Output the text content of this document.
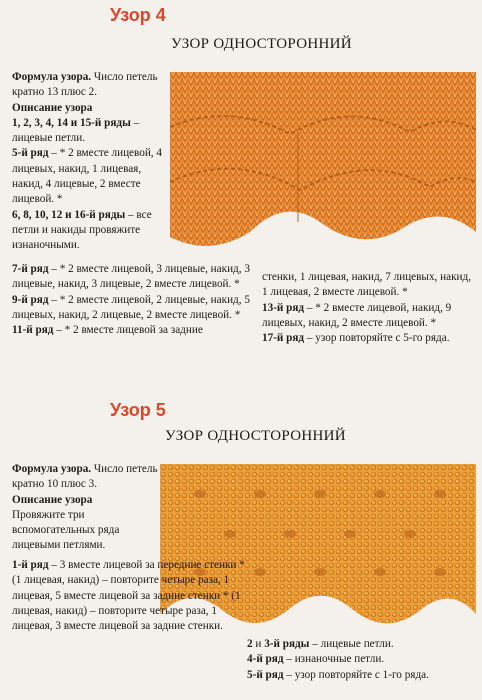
Узор 4
УЗОР ОДНОСТОРОННИЙ

Формула узора. Число петель кратно 13 плюс 2.

Описание узора

1, 2, 3, 4, 14 и 15-й ряды – лицевые петли.

5-й ряд – * 2 вместе лицевой, 4 лицевых, накид, 1 лицевая, накид, 4 лицевые, 2 вместе лицевой. *

6, 8, 10, 12 и 16-й ряды – все петли и накиды провяжите изнаночными.

7-й ряд – * 2 вместе лицевой, 3 лицевые, накид, 3 лицевые, накид, 3 лицевые, 2 вместе лицевой. *

9-й ряд – * 2 вместе лицевой, 2 лицевые, накид, 5 лицевых, накид, 2 лицевые, 2 вместе лицевой. *

11-й ряд – * 2 вместе лицевой за задние

стенки, 1 лицевая, накид, 7 лицевых, накид, 1 лицевая, 2 вместе лицевой. *

13-й ряд – * 2 вместе лицевой, накид, 9 лицевых, накид, 2 вместе лицевой. *

17-й ряд – узор повторяйте с 5-го ряда.

Узор 5
УЗОР ОДНОСТОРОННИЙ

Формула узора. Число петель кратно 10 плюс 3.

Описание узора

Провяжите три вспомогательных ряда лицевыми петлями.

1-й ряд – 3 вместе лицевой за передние стенки * (1 лицевая, накид) – повторите четыре раза, 1 лицевая, 5 вместе лицевой за задние стенки * (1 лицевая, накид) – повторите четыре раза, 1 лицевая, 3 вместе лицевой за задние стенки.

2 и 3-й ряды – лицевые петли.

4-й ряд – изнаночные петли.

5-й ряд – узор повторяйте с 1-го ряда.
